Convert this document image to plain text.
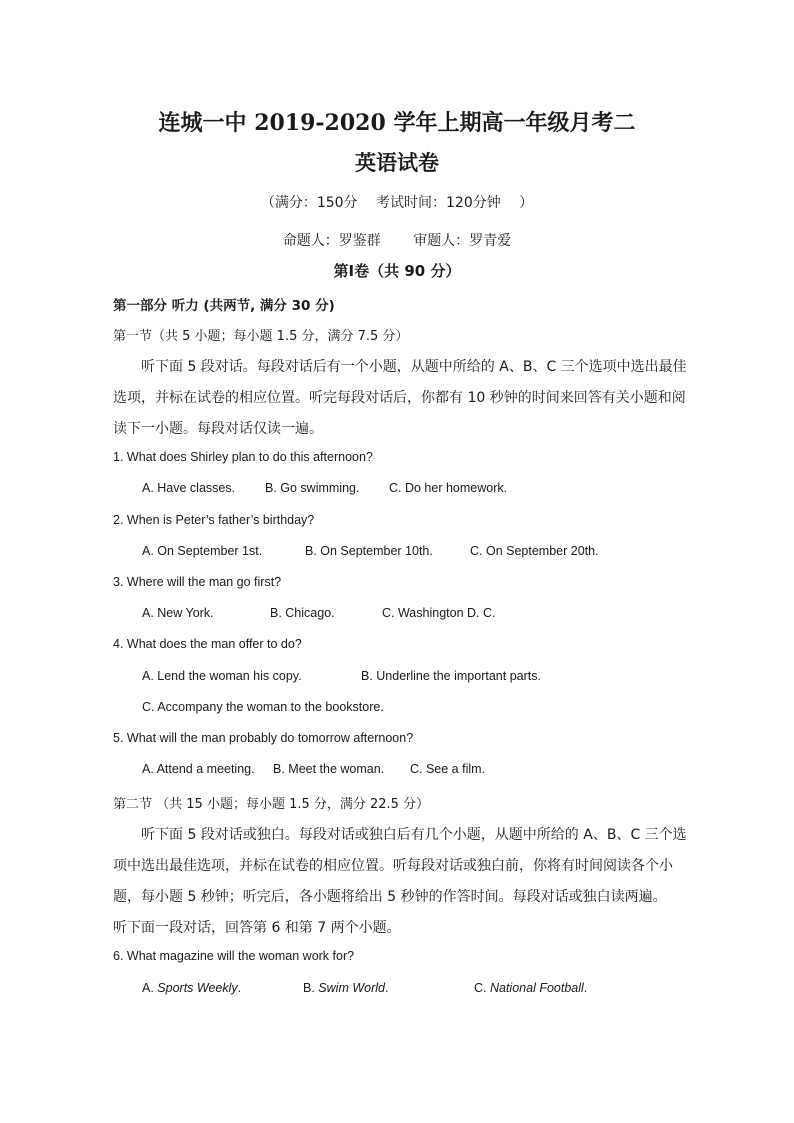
连城一中 2019-2020 学年上期高一年级月考二
英语试卷
（满分：150分　 考试时间：120分钟　 ）
命题人：罗鉴群　　 审题人：罗青爱
第Ⅰ卷（共 90 分）
第一部分 听力 (共两节, 满分 30 分)
第一节（共 5 小题；每小题 1.5 分，满分 7.5 分）
听下面 5 段对话。每段对话后有一个小题，从题中所给的 A、B、C 三个选项中选出最佳
选项，并标在试卷的相应位置。听完每段对话后，你都有 10 秒钟的时间来回答有关小题和阅
读下一小题。每段对话仅读一遍。
1. What does Shirley plan to do this afternoon?
A. Have classes. B. Go swimming. C. Do her homework.
2. When is Peter’s father’s birthday?
A. On September 1st.	B. On September 10th.	C. On September 20th.
3. Where will the man go first?
A. New York.	B. Chicago.	C. Washington D. C.
4. What does the man offer to do?
A. Lend the woman his copy.	B. Underline the important parts.
C. Accompany the woman to the bookstore.
5. What will the man probably do tomorrow afternoon?
A. Attend a meeting. B. Meet the woman. C. See a film.
第二节 （共 15 小题；每小题 1.5 分，满分 22.5 分）
听下面 5 段对话或独白。每段对话或独白后有几个小题，从题中所给的 A、B、C 三个选
项中选出最佳选项，并标在试卷的相应位置。听每段对话或独白前，你将有时间阅读各个小
题，每小题 5 秒钟；听完后，各小题将给出 5 秒钟的作答时间。每段对话或独白读两遍。
听下面一段对话，回答第 6 和第 7 两个小题。
6. What magazine will the woman work for?
A. Sports Weekly.	B. Swim World.	C. National Football.
